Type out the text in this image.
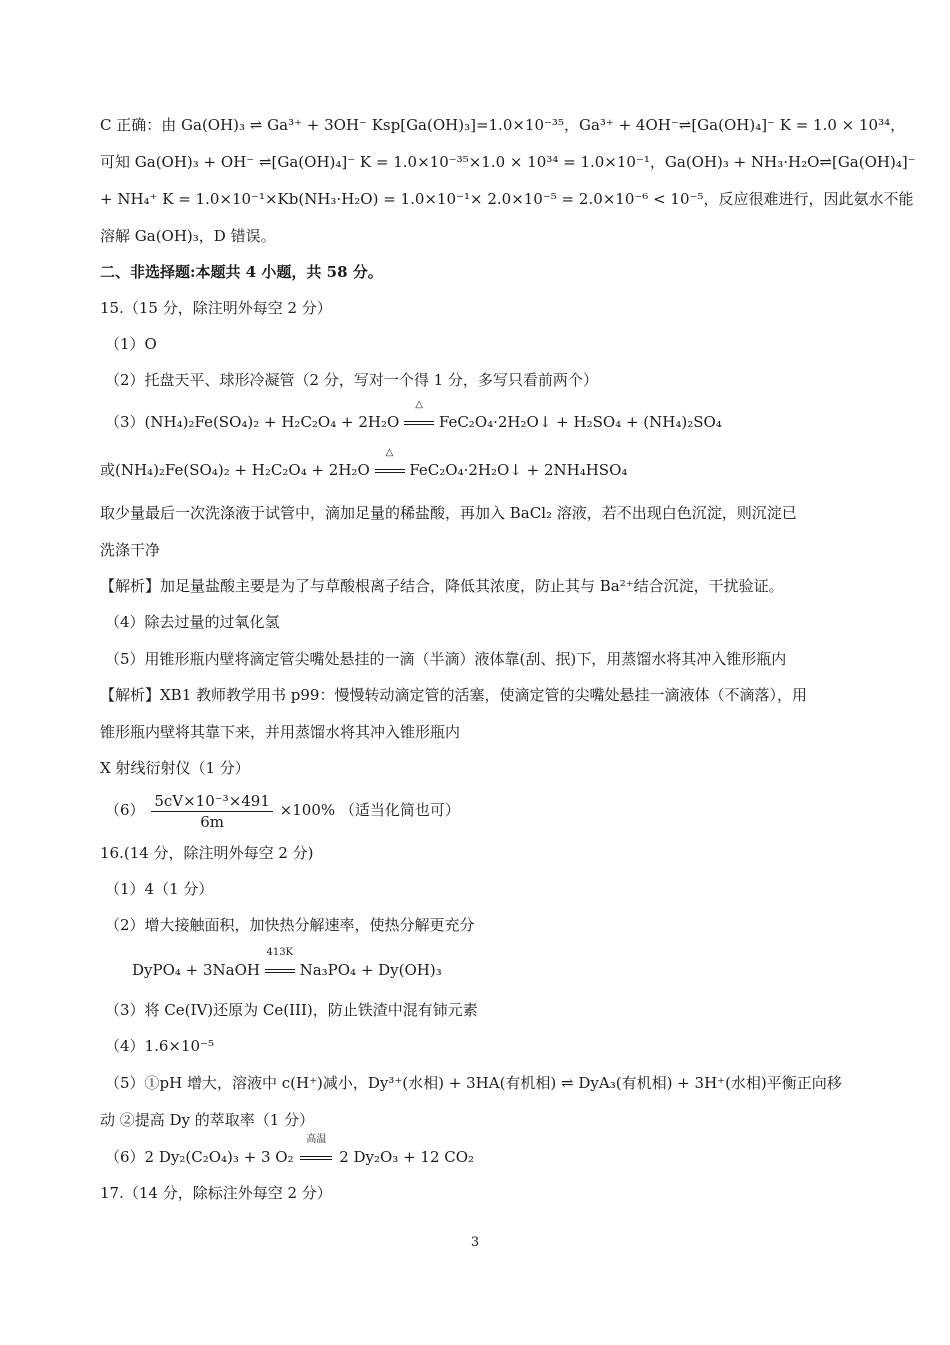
C 正确：由 Ga(OH)₃ ⇌ Ga³⁺ + 3OH⁻ Ksp[Ga(OH)₃]=1.0×10⁻³⁵，Ga³⁺ + 4OH⁻⇌[Ga(OH)₄]⁻ K = 1.0 × 10³⁴，
可知 Ga(OH)₃ + OH⁻ ⇌[Ga(OH)₄]⁻ K = 1.0×10⁻³⁵×1.0 × 10³⁴ = 1.0×10⁻¹，Ga(OH)₃ + NH₃·H₂O⇌[Ga(OH)₄]⁻
+ NH₄⁺ K = 1.0×10⁻¹×Kb(NH₃·H₂O) = 1.0×10⁻¹× 2.0×10⁻⁵ = 2.0×10⁻⁶ < 10⁻⁵，反应很难进行，因此氨水不能
溶解 Ga(OH)₃，D 错误。
二、非选择题:本题共 4 小题，共 58 分。
15.（15 分，除注明外每空 2 分）
（1）O
（2）托盘天平、球形冷凝管（2 分，写对一个得 1 分，多写只看前两个）
（3）(NH₄)₂Fe(SO₄)₂ + H₂C₂O₄ + 2H₂O
△
FeC₂O₄·2H₂O↓ + H₂SO₄ + (NH₄)₂SO₄
或(NH₄)₂Fe(SO₄)₂ + H₂C₂O₄ + 2H₂O
△
FeC₂O₄·2H₂O↓ + 2NH₄HSO₄
取少量最后一次洗涤液于试管中，滴加足量的稀盐酸，再加入 BaCl₂ 溶液，若不出现白色沉淀，则沉淀已
洗涤干净
【解析】加足量盐酸主要是为了与草酸根离子结合，降低其浓度，防止其与 Ba²⁺结合沉淀，干扰验证。
（4）除去过量的过氧化氢
（5）用锥形瓶内壁将滴定管尖嘴处悬挂的一滴（半滴）液体靠(刮、抿)下，用蒸馏水将其冲入锥形瓶内
【解析】XB1 教师教学用书 p99：慢慢转动滴定管的活塞，使滴定管的尖嘴处悬挂一滴液体（不滴落），用
锥形瓶内壁将其靠下来，并用蒸馏水将其冲入锥形瓶内
X 射线衍射仪（1 分）
$(6) \frac{\text{5cV×10⁻³×491}}{6m} \times 100\%$ （适当化简也可）
16.(14 分，除注明外每空 2 分)
（1）4（1 分）
（2）增大接触面积，加快热分解速率，使热分解更充分
DyPO₄ + 3NaOH
413K
Na₃PO₄ + Dy(OH)₃
（3）将 Ce(IV)还原为 Ce(III)，防止铁渣中混有铈元素
（4）1.6×10⁻⁵
（5）①pH 增大，溶液中 c(H⁺)减小，Dy³⁺(水相) + 3HA(有机相) ⇌ DyA₃(有机相) + 3H⁺(水相)平衡正向移
动 ②提高 Dy 的萃取率（1 分）
（6）2 Dy₂(C₂O₄)₃ + 3 O₂
高温
2 Dy₂O₃ + 12 CO₂
17.（14 分，除标注外每空 2 分）
3
